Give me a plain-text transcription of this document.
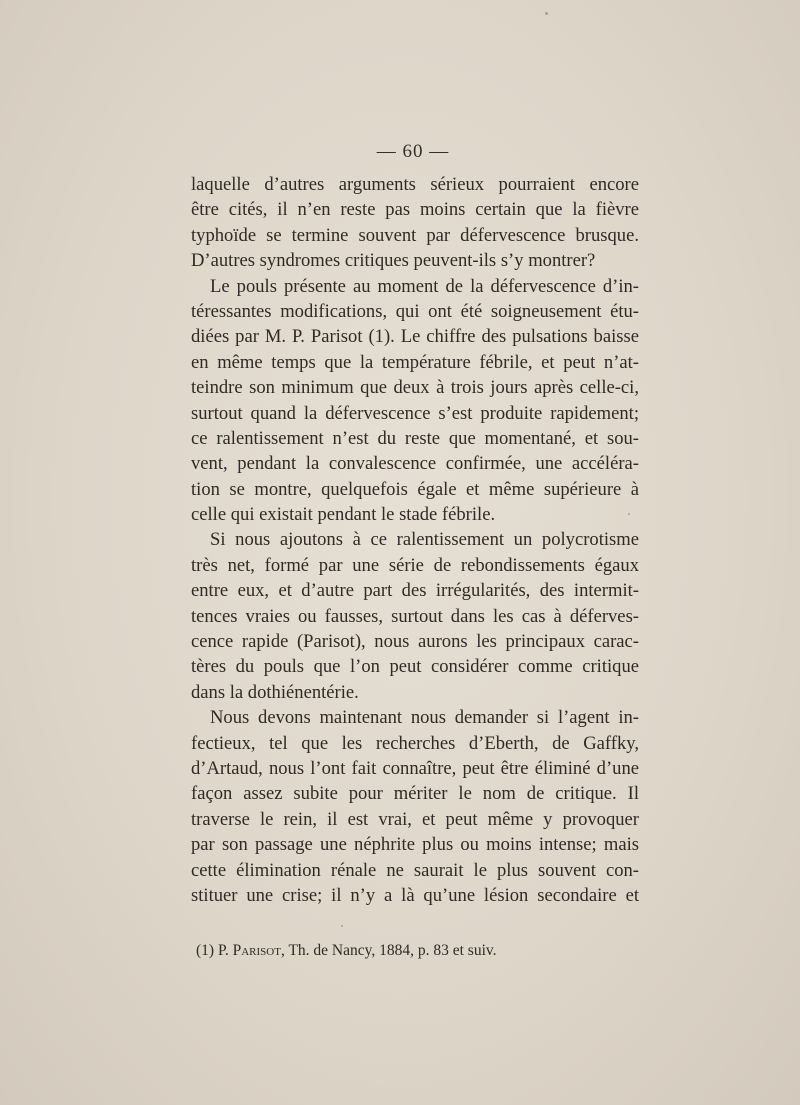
— 60 —
laquelle d’autres arguments sérieux pourraient encore
être cités, il n’en reste pas moins certain que la fièvre
typhoïde se termine souvent par défervescence brusque.
D’autres syndromes critiques peuvent-ils s’y montrer?
Le pouls présente au moment de la défervescence d’in-
téressantes modifications, qui ont été soigneusement étu-
diées par M. P. Parisot (1). Le chiffre des pulsations baisse
en même temps que la température fébrile, et peut n’at-
teindre son minimum que deux à trois jours après celle-ci,
surtout quand la défervescence s’est produite rapidement;
ce ralentissement n’est du reste que momentané, et sou-
vent, pendant la convalescence confirmée, une accéléra-
tion se montre, quelquefois égale et même supérieure à
celle qui existait pendant le stade fébrile.
Si nous ajoutons à ce ralentissement un polycrotisme
très net, formé par une série de rebondissements égaux
entre eux, et d’autre part des irrégularités, des intermit-
tences vraies ou fausses, surtout dans les cas à déferves-
cence rapide (Parisot), nous aurons les principaux carac-
tères du pouls que l’on peut considérer comme critique
dans la dothiénentérie.
Nous devons maintenant nous demander si l’agent in-
fectieux, tel que les recherches d’Eberth, de Gaffky,
d’Artaud, nous l’ont fait connaître, peut être éliminé d’une
façon assez subite pour mériter le nom de critique. Il
traverse le rein, il est vrai, et peut même y provoquer
par son passage une néphrite plus ou moins intense; mais
cette élimination rénale ne saurait le plus souvent con-
stituer une crise; il n’y a là qu’une lésion secondaire et
(1) P. Parisot, Th. de Nancy, 1884, p. 83 et suiv.
